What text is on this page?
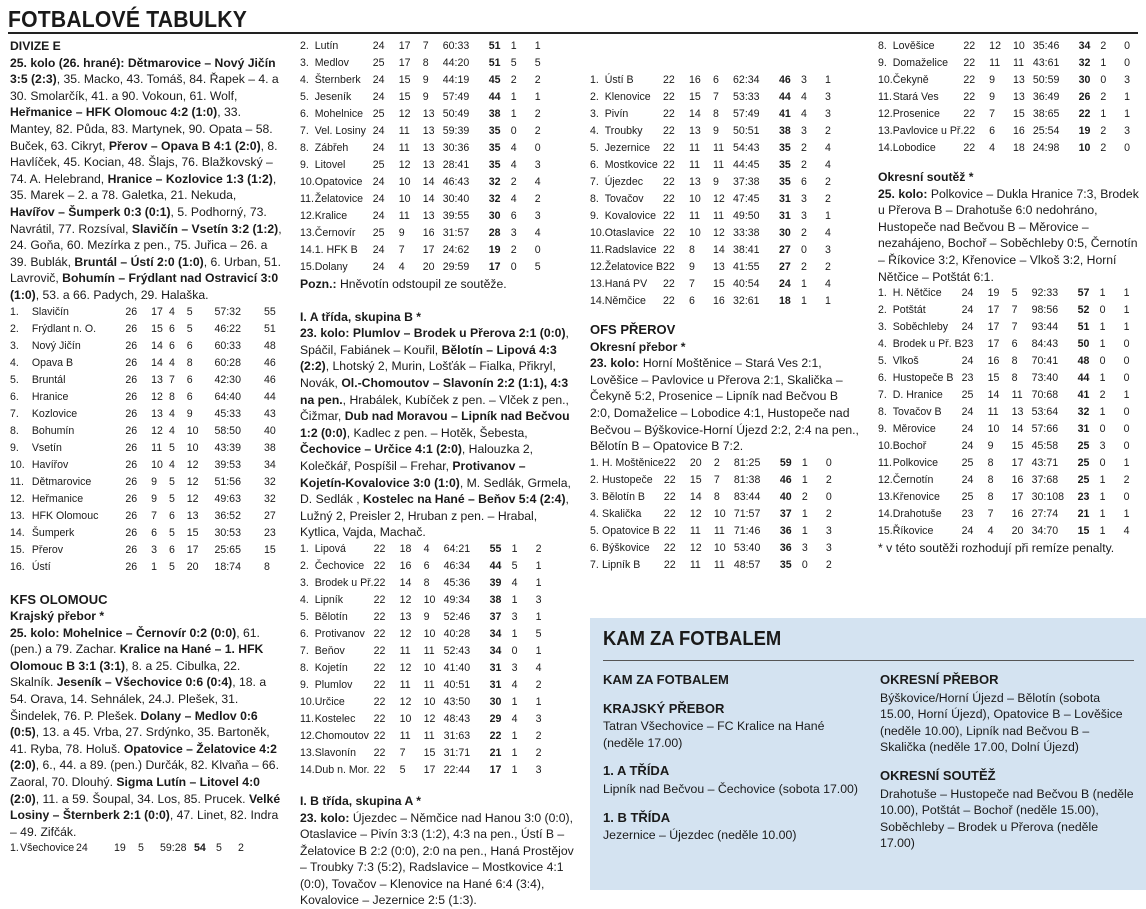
FOTBALOVÉ TABULKY

DIVIZE E

25. kolo (26. hrané): Dětmarovice – Nový Jičín 3:5 (2:3), 35. Macko, 43. Tomáš, 84. Řapek – 4. a 30. Smolarčík, 41. a 90. Vokoun, 61. Wolf, Heřmanice – HFK Olomouc 4:2 (1:0), 33. Mantey, 82. Půda, 83. Martynek, 90. Opata – 58. Buček, 63. Cikryt, Přerov – Opava B 4:1 (2:0), 8. Havlíček, 45. Kocian, 48. Šlajs, 76. Blažkovský – 74. A. Helebrand, Hranice – Kozlovice 1:3 (1:2), 35. Marek – 2. a 78. Galetka, 21. Nekuda, Havířov – Šumperk 0:3 (0:1), 5. Podhorný, 73. Navrátil, 77. Rozsíval, Slavičín – Vsetín 3:2 (1:2), 24. Goňa, 60. Mezírka z pen., 75. Juřica – 26. a 39. Bublák, Bruntál – Ústí 2:0 (1:0), 6. Urban, 51. Lavrovič, Bohumín – Frýdlant nad Ostravicí 3:0 (1:0), 53. a 66. Padych, 29. Halaška.

1.	Slavičín	26	17	4	5	57:32	55
2.	Frýdlant n. O.	26	15	6	5	46:22	51
3.	Nový Jičín	26	14	6	6	60:33	48
4.	Opava B	26	14	4	8	60:28	46
5.	Bruntál	26	13	7	6	42:30	46
6.	Hranice	26	12	8	6	64:40	44
7.	Kozlovice	26	13	4	9	45:33	43
8.	Bohumín	26	12	4	10	58:50	40
9.	Vsetín	26	11	5	10	43:39	38
10.	Havířov	26	10	4	12	39:53	34
11.	Dětmarovice	26	9	5	12	51:56	32
12.	Heřmanice	26	9	5	12	49:63	32
13.	HFK Olomouc	26	7	6	13	36:52	27
14.	Šumperk	26	6	5	15	30:53	23
15.	Přerov	26	3	6	17	25:65	15
16.	Ústí	26	1	5	20	18:74	8

KFS OLOMOUC

Krajský přebor *

25. kolo: Mohelnice – Černovír 0:2 (0:0), 61. (pen.) a 79. Zachar. Kralice na Hané – 1. HFK Olomouc B 3:1 (3:1), 8. a 25. Cibulka, 22. Skalník. Jeseník – Všechovice 0:6 (0:4), 18. a 54. Orava, 14. Sehnálek, 24.J. Plešek, 31. Šindelek, 76. P. Plešek. Dolany – Medlov 0:6 (0:5), 13. a 45. Vrba, 27. Srdýnko, 35. Bartoněk, 41. Ryba, 78. Holuš. Opatovice – Želatovice 4:2 (2:0), 6., 44. a 89. (pen.) Durčák, 82. Klvaňa – 66. Zaoral, 70. Dlouhý. Sigma Lutín – Litovel 4:0 (2:0), 11. a 59. Šoupal, 34. Los, 85. Prucek. Velké Losiny – Šternberk 2:1 (0:0), 47. Linet, 82. Indra – 49. Zifčák.

1.	Všechovice	24	19	5		59:28	54	5	2
2.	Lutín	24	17	7	60:33	51	1	1
3.	Medlov	25	17	8	44:20	51	5	5
4.	Šternberk	24	15	9	44:19	45	2	2
5.	Jeseník	24	15	9	57:49	44	1	1
6.	Mohelnice	25	12	13	50:49	38	1	2
7.	Vel. Losiny	24	11	13	59:39	35	0	2
8.	Zábřeh	24	11	13	30:36	35	4	0
9.	Litovel	25	12	13	28:41	35	4	3
10.	Opatovice	24	10	14	46:43	32	2	4
11.	Želatovice	24	10	14	30:40	32	4	2
12.	Kralice	24	11	13	39:55	30	6	3
13.	Černovír	25	9	16	31:57	28	3	4
14.	1. HFK B	24	7	17	24:62	19	2	0
15.	Dolany	24	4	20	29:59	17	0	5

Pozn.: Hněvotín odstoupil ze soutěže.

I. A třída, skupina B *

23. kolo: Plumlov – Brodek u Přerova 2:1 (0:0), Spáčil, Fabiánek – Kouřil, Bělotín – Lipová 4:3 (2:2), Lhotský 2, Murin, Lošťák – Fialka, Přikryl, Novák, Ol.-Chomoutov – Slavonín 2:2 (1:1), 4:3 na pen., Hrabálek, Kubíček z pen. – Vlček z pen., Čižmar, Dub nad Moravou – Lipník nad Bečvou 1:2 (0:0), Kadlec z pen. – Hotěk, Šebesta, Čechovice – Určice 4:1 (2:0), Halouzka 2, Kolečkář, Pospíšil – Frehar, Protivanov – Kojetín-Kovalovice 3:0 (1:0), M. Sedlák, Grmela, D. Sedlák , Kostelec na Hané – Beňov 5:4 (2:4), Lužný 2, Preisler 2, Hruban z pen. – Hrabal, Kytlica, Vajda, Machač.

1.	Lipová	22	18	4	64:21	55	1	2
2.	Čechovice	22	16	6	46:34	44	5	1
3.	Brodek u Př.	22	14	8	45:36	39	4	1
4.	Lipník	22	12	10	49:34	38	1	3
5.	Bělotín	22	13	9	52:46	37	3	1
6.	Protivanov	22	12	10	40:28	34	1	5
7.	Beňov	22	11	11	52:43	34	0	1
8.	Kojetín	22	12	10	41:40	31	3	4
9.	Plumlov	22	11	11	40:51	31	4	2
10.	Určice	22	12	10	43:50	30	1	1
11.	Kostelec	22	10	12	48:43	29	4	3
12.	Chomoutov	22	11	11	31:63	22	1	2
13.	Slavonín	22	7	15	31:71	21	1	2
14.	Dub n. Mor.	22	5	17	22:44	17	1	3

I. B třída, skupina A *

23. kolo: Újezdec – Němčice nad Hanou 3:0 (0:0), Otaslavice – Pivín 3:3 (1:2), 4:3 na pen., Ústí B – Želatovice B 2:2 (0:0), 2:0 na pen., Haná Prostějov – Troubky 7:3 (5:2), Radslavice – Mostkovice 4:1 (0:0), Tovačov – Klenovice na Hané 6:4 (3:4), Kovalovice – Jezernice 2:5 (1:3).

1.	Ústí B	22	16	6	62:34	46	3	1
2.	Klenovice	22	15	7	53:33	44	4	3
3.	Pivín	22	14	8	57:49	41	4	3
4.	Troubky	22	13	9	50:51	38	3	2
5.	Jezernice	22	11	11	54:43	35	2	4
6.	Mostkovice	22	11	11	44:45	35	2	4
7.	Újezdec	22	13	9	37:38	35	6	2
8.	Tovačov	22	10	12	47:45	31	3	2
9.	Kovalovice	22	11	11	49:50	31	3	1
10.	Otaslavice	22	10	12	33:38	30	2	4
11.	Radslavice	22	8	14	38:41	27	0	3
12.	Želatovice B	22	9	13	41:55	27	2	2
13.	Haná PV	22	7	15	40:54	24	1	4
14.	Němčice	22	6	16	32:61	18	1	1

OFS PŘEROV

Okresní přebor *

23. kolo: Horní Moštěnice – Stará Ves 2:1, Lověšice – Pavlovice u Přerova 2:1, Skalička – Čekyně 5:2, Prosenice – Lipník nad Bečvou B 2:0, Domaželice – Lobodice 4:1, Hustopeče nad Bečvou – Býškovice-Horní Újezd 2:2, 2:4 na pen., Bělotín B – Opatovice B 7:2.

1.	H. Moštěnice	22	20	2	81:25	59	1	0
2.	Hustopeče	22	15	7	81:38	46	1	2
3.	Bělotín B	22	14	8	83:44	40	2	0
4.	Skalička	22	12	10	71:57	37	1	2
5.	Opatovice B	22	11	11	71:46	36	1	3
6.	Býškovice	22	12	10	53:40	36	3	3
7.	Lipník B	22	11	11	48:57	35	0	2
8.	Lověšice	22	12	10	35:46	34	2	0
9.	Domaželice	22	11	11	43:61	32	1	0
10.	Čekyně	22	9	13	50:59	30	0	3
11.	Stará Ves	22	9	13	36:49	26	2	1
12.	Prosenice	22	7	15	38:65	22	1	1
13.	Pavlovice u Př.	22	6	16	25:54	19	2	3
14.	Lobodice	22	4	18	24:98	10	2	0

Okresní soutěž *

25. kolo: Polkovice – Dukla Hranice 7:3, Brodek u Přerova B – Drahotuše 6:0 nedohráno, Hustopeče nad Bečvou B – Měrovice – nezahájeno, Bochoř – Soběchleby 0:5, Černotín – Říkovice 3:2, Křenovice – Vlkoš 3:2, Horní Nětčice – Potštát 6:1.

1.	H. Nětčice	24	19	5	92:33	57	1	1
2.	Potštát	24	17	7	98:56	52	0	1
3.	Soběchleby	24	17	7	93:44	51	1	1
4.	Brodek u Př. B	23	17	6	84:43	50	1	0
5.	Vlkoš	24	16	8	70:41	48	0	0
6.	Hustopeče B	23	15	8	73:40	44	1	0
7.	D. Hranice	25	14	11	70:68	41	2	1
8.	Tovačov B	24	11	13	53:64	32	1	0
9.	Měrovice	24	10	14	57:66	31	0	0
10.	Bochoř	24	9	15	45:58	25	3	0
11.	Polkovice	25	8	17	43:71	25	0	1
12.	Černotín	24	8	16	37:68	25	1	2
13.	Křenovice	25	8	17	30:108	23	1	0
14.	Drahotuše	23	7	16	27:74	21	1	1
15.	Říkovice	24	4	20	34:70	15	1	4

* v této soutěži rozhodují při remíze penalty.

KAM ZA FOTBALEM

KAM ZA FOTBALEM

KRAJSKÝ PŘEBOR

Tatran Všechovice – FC Kralice na Hané (neděle 17.00)

1. A TŘÍDA

Lipník nad Bečvou – Čechovice (sobota 17.00)

1. B TŘÍDA

Jezernice – Újezdec (neděle 10.00)

OKRESNÍ PŘEBOR

Býškovice/Horní Újezd – Bělotín (sobota 15.00, Horní Újezd), Opatovice B – Lověšice (neděle 10.00), Lipník nad Bečvou B – Skalička (neděle 17.00, Dolní Újezd)

OKRESNÍ SOUTĚŽ

Drahotuše – Hustopeče nad Bečvou B (neděle 10.00), Potštát – Bochoř (neděle 15.00), Soběchleby – Brodek u Přerova (neděle 17.00)
